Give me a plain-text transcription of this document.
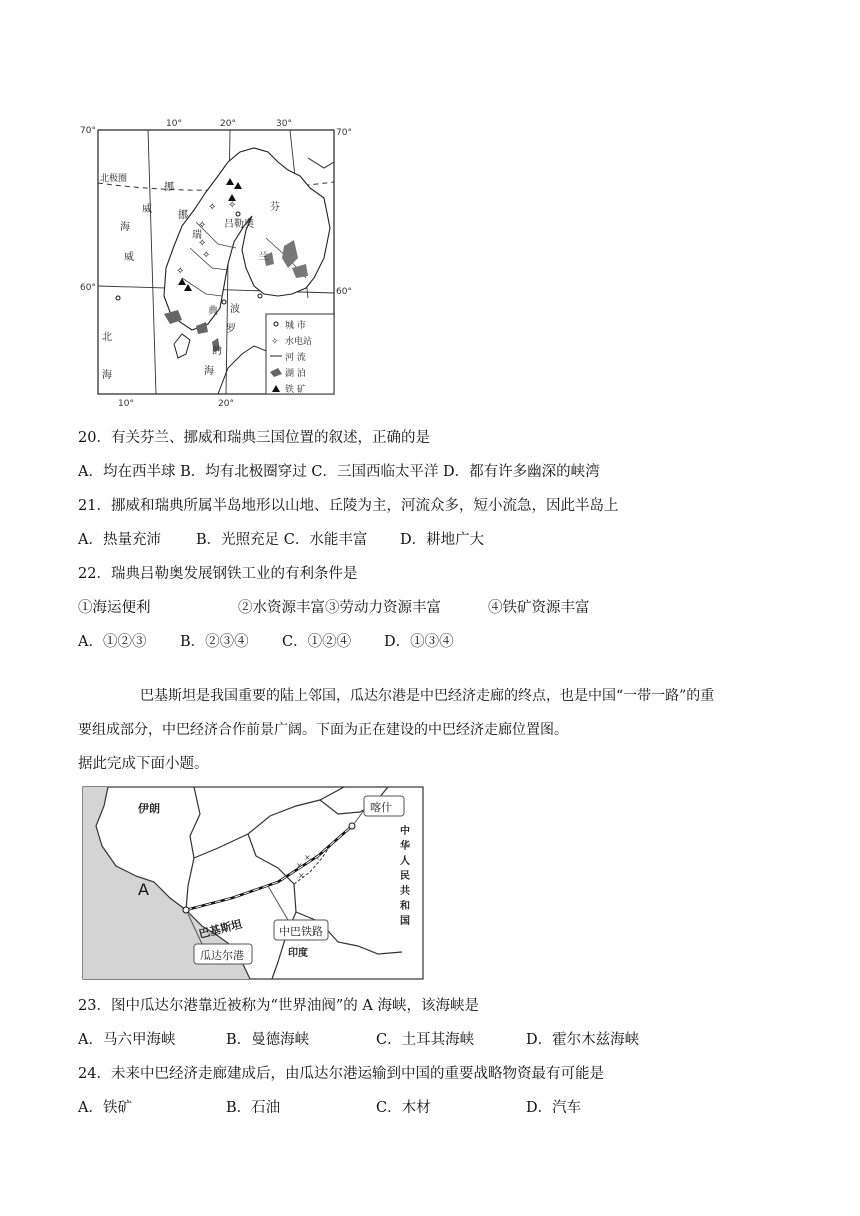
✧ ✧
✧
✧
✧
✧
70°	70°
60°	60°
10°	20°	30°
10°	20°
北极圈
挪
威
海
威
挪
瑞
典
芬
兰
吕勒奥
北
海
波
罗
的
海
城 市
✧ 水电站
河 流
湖 泊
铁 矿
20．有关芬兰、挪威和瑞典三国位置的叙述，正确的是
A．均在西半球 B．均有北极圈穿过 C．三国西临太平洋 D．都有许多幽深的峡湾
21．挪威和瑞典所属半岛地形以山地、丘陵为主，河流众多，短小流急，因此半岛上
A．热量充沛 B．光照充足 C．水能丰富 D．耕地广大
22．瑞典吕勒奥发展钢铁工业的有利条件是
①海运便利	②水资源丰富③劳动力资源丰富	④铁矿资源丰富
A．①②③ B．②③④ C．①②④ D．①③④
巴基斯坦是我国重要的陆上邻国，瓜达尔港是中巴经济走廊的终点，也是中国“一带一路”的重
要组成部分，中巴经济合作前景广阔。下面为正在建设的中巴经济走廊位置图。
据此完成下面小题。
× ×
×
×
伊朗
A
喀什
中
华
人
民
共
和
国
巴基斯坦	中巴铁路
瓜达尔港	印度
23．图中瓜达尔港靠近被称为“世界油阀”的 A 海峡，该海峡是
A．马六甲海峡	B．曼德海峡	C．土耳其海峡	D．霍尔木兹海峡
24．未来中巴经济走廊建成后，由瓜达尔港运输到中国的重要战略物资最有可能是
A．铁矿	B．石油	C．木材	D．汽车
